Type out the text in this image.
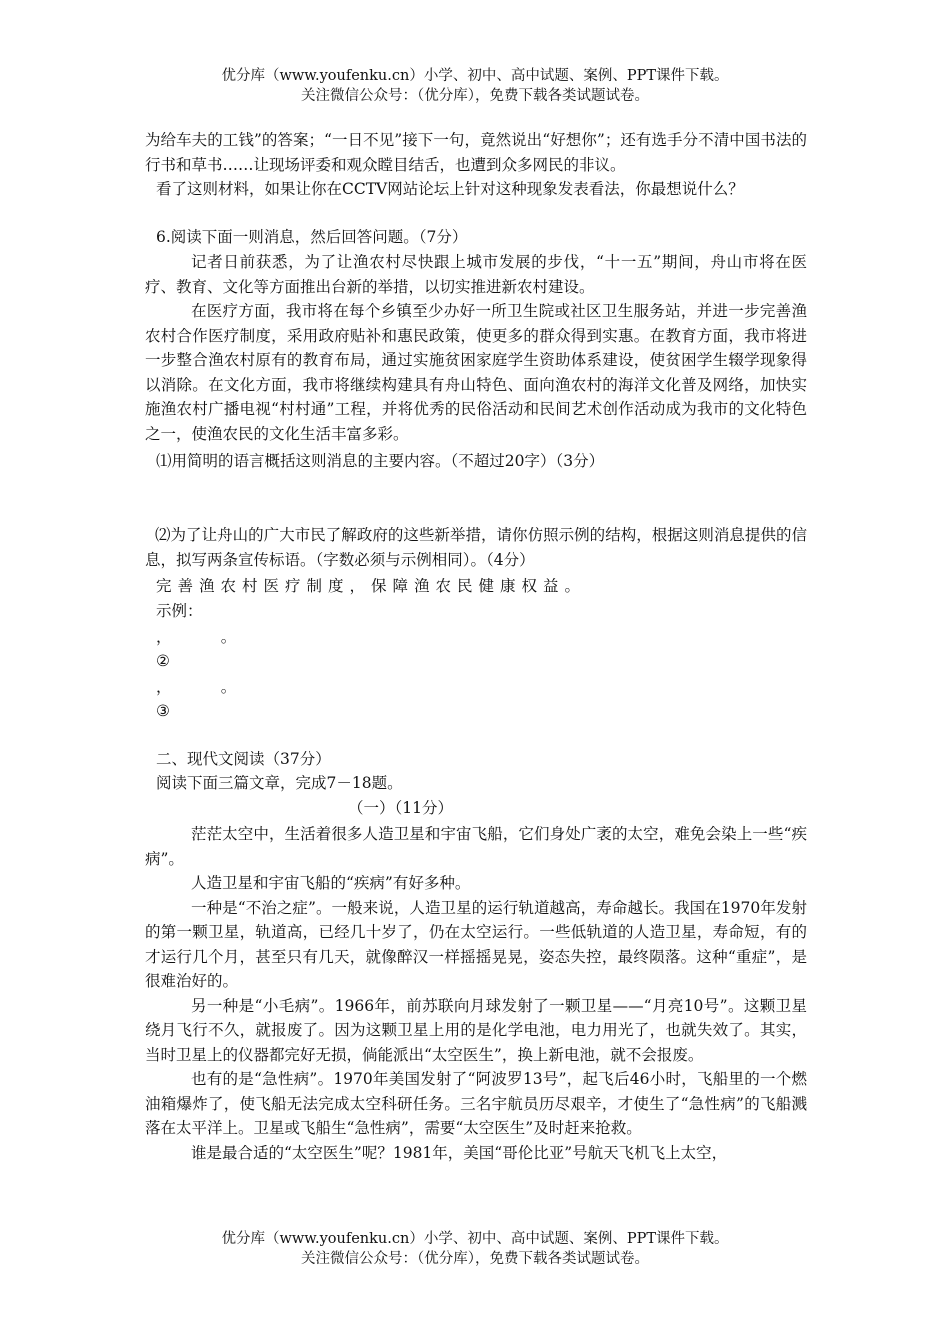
优分库（www.youfenku.cn）小学、初中、高中试题、案例、PPT课件下载。
关注微信公众号：（优分库），免费下载各类试题试卷。

为给车夫的工钱”的答案；“一日不见”接下一句，竟然说出“好想你”；还有选手分不清中国书法的行书和草书……让现场评委和观众瞠目结舌，也遭到众多网民的非议。

看了这则材料，如果让你在CCTV网站论坛上针对这种现象发表看法，你最想说什么？
6.阅读下面一则消息，然后回答问题。（7分）

记者日前获悉，为了让渔农村尽快跟上城市发展的步伐，“十一五”期间，舟山市将在医疗、教育、文化等方面推出台新的举措，以切实推进新农村建设。

在医疗方面，我市将在每个乡镇至少办好一所卫生院或社区卫生服务站，并进一步完善渔农村合作医疗制度，采用政府贴补和惠民政策，使更多的群众得到实惠。在教育方面，我市将进一步整合渔农村原有的教育布局，通过实施贫困家庭学生资助体系建设，使贫困学生辍学现象得以消除。在文化方面，我市将继续构建具有舟山特色、面向渔农村的海洋文化普及网络，加快实施渔农村广播电视“村村通”工程，并将优秀的民俗活动和民间艺术创作活动成为我市的文化特色之一，使渔农民的文化生活丰富多彩。

⑴用简明的语言概括这则消息的主要内容。（不超过20字）（3分）

⑵为了让舟山的广大市民了解政府的这些新举措，请你仿照示例的结构，根据这则消息提供的信息，拟写两条宣传标语。（字数必须与示例相同）。（4分）

完善渔农村医疗制度，保障渔农民健康权益。
示例：
，          。
②
，          。
③
二、现代文阅读（37分）
阅读下面三篇文章，完成7－18题。
（一）（11分）

茫茫太空中，生活着很多人造卫星和宇宙飞船，它们身处广袤的太空，难免会染上一些“疾病”。

人造卫星和宇宙飞船的“疾病”有好多种。

一种是“不治之症”。一般来说，人造卫星的运行轨道越高，寿命越长。我国在1970年发射的第一颗卫星，轨道高，已经几十岁了，仍在太空运行。一些低轨道的人造卫星，寿命短，有的才运行几个月，甚至只有几天，就像醉汉一样摇摇晃晃，姿态失控，最终陨落。这种“重症”，是很难治好的。

另一种是“小毛病”。1966年，前苏联向月球发射了一颗卫星——“月亮10号”。这颗卫星绕月飞行不久，就报废了。因为这颗卫星上用的是化学电池，电力用光了，也就失效了。其实，当时卫星上的仪器都完好无损，倘能派出“太空医生”，换上新电池，就不会报废。

也有的是“急性病”。1970年美国发射了“阿波罗13号”，起飞后46小时，飞船里的一个燃油箱爆炸了，使飞船无法完成太空科研任务。三名宇航员历尽艰辛，才使生了“急性病”的飞船溅落在太平洋上。卫星或飞船生“急性病”，需要“太空医生”及时赶来抢救。

谁是最合适的“太空医生”呢？1981年，美国“哥伦比亚”号航天飞机飞上太空，

优分库（www.youfenku.cn）小学、初中、高中试题、案例、PPT课件下载。
关注微信公众号：（优分库），免费下载各类试题试卷。
